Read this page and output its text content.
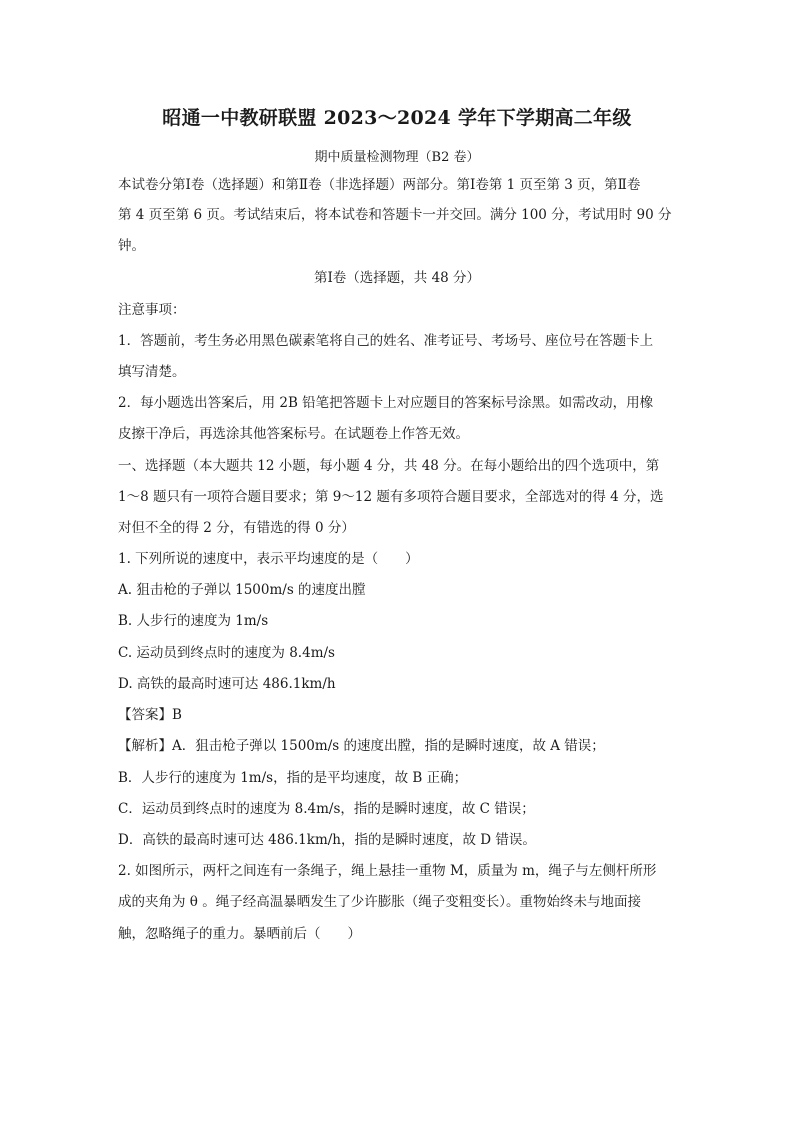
昭通一中教研联盟 2023～2024 学年下学期高二年级
期中质量检测物理（B2 卷）
本试卷分第Ⅰ卷（选择题）和第Ⅱ卷（非选择题）两部分。第Ⅰ卷第 1 页至第 3 页，第Ⅱ卷
第 4 页至第 6 页。考试结束后，将本试卷和答题卡一并交回。满分 100 分，考试用时 90 分
钟。
第Ⅰ卷（选择题，共 48 分）
注意事项：
1．答题前，考生务必用黑色碳素笔将自己的姓名、准考证号、考场号、座位号在答题卡上
填写清楚。
2．每小题选出答案后，用 2B 铅笔把答题卡上对应题目的答案标号涂黑。如需改动，用橡
皮擦干净后，再选涂其他答案标号。在试题卷上作答无效。
一、选择题（本大题共 12 小题，每小题 4 分，共 48 分。在每小题给出的四个选项中，第
1～8 题只有一项符合题目要求；第 9～12 题有多项符合题目要求，全部选对的得 4 分，选
对但不全的得 2 分，有错选的得 0 分）
1. 下列所说的速度中，表示平均速度的是（　　）
A. 狙击枪的子弹以 1500m/s 的速度出膛
B. 人步行的速度为 1m/s
C. 运动员到终点时的速度为 8.4m/s
D. 高铁的最高时速可达 486.1km/h
【答案】B
【解析】A．狙击枪子弹以 1500m/s 的速度出膛，指的是瞬时速度，故 A 错误；
B．人步行的速度为 1m/s，指的是平均速度，故 B 正确；
C．运动员到终点时的速度为 8.4m/s，指的是瞬时速度，故 C 错误；
D．高铁的最高时速可达 486.1km/h，指的是瞬时速度，故 D 错误。
2. 如图所示，两杆之间连有一条绳子，绳上悬挂一重物 M，质量为 m，绳子与左侧杆所形
成的夹角为 θ 。绳子经高温暴晒发生了少许膨胀（绳子变粗变长）。重物始终未与地面接
触，忽略绳子的重力。暴晒前后（　　）
